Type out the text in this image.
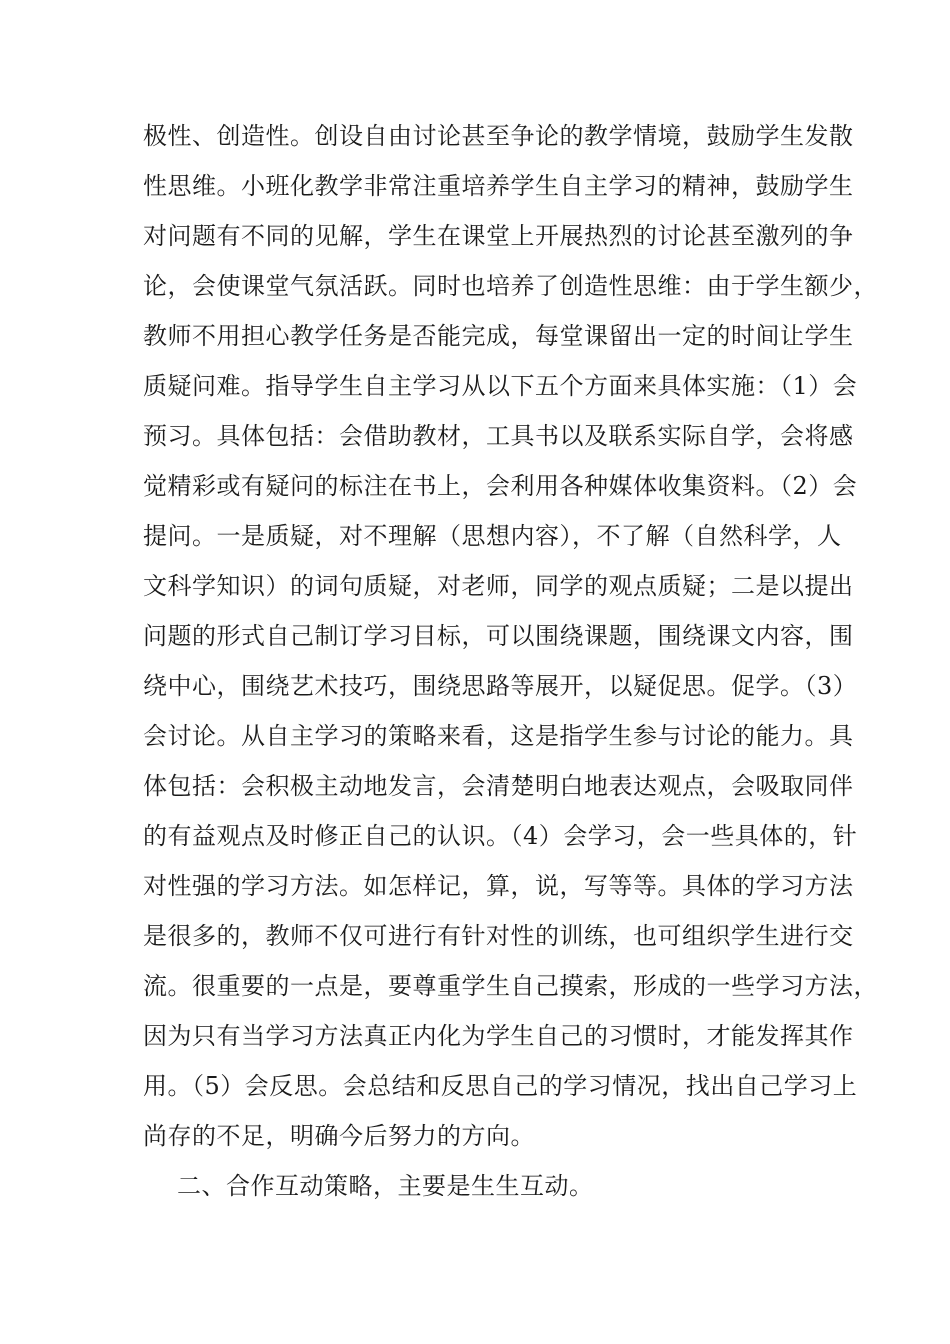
极性、创造性。创设自由讨论甚至争论的教学情境，鼓励学生发散
性思维。小班化教学非常注重培养学生自主学习的精神，鼓励学生
对问题有不同的见解，学生在课堂上开展热烈的讨论甚至激列的争
论，会使课堂气氛活跃。同时也培养了创造性思维：由于学生额少，
教师不用担心教学任务是否能完成，每堂课留出一定的时间让学生
质疑问难。指导学生自主学习从以下五个方面来具体实施：（1）会
预习。具体包括：会借助教材，工具书以及联系实际自学，会将感
觉精彩或有疑问的标注在书上，会利用各种媒体收集资料。（2）会
提问。一是质疑，对不理解（思想内容），不了解（自然科学，人
文科学知识）的词句质疑，对老师，同学的观点质疑；二是以提出
问题的形式自己制订学习目标，可以围绕课题，围绕课文内容，围
绕中心，围绕艺术技巧，围绕思路等展开，以疑促思。促学。（3）
会讨论。从自主学习的策略来看，这是指学生参与讨论的能力。具
体包括：会积极主动地发言，会清楚明白地表达观点，会吸取同伴
的有益观点及时修正自己的认识。（4）会学习，会一些具体的，针
对性强的学习方法。如怎样记，算，说，写等等。具体的学习方法
是很多的，教师不仅可进行有针对性的训练，也可组织学生进行交
流。很重要的一点是，要尊重学生自己摸索，形成的一些学习方法，
因为只有当学习方法真正内化为学生自己的习惯时，才能发挥其作
用。（5）会反思。会总结和反思自己的学习情况，找出自己学习上
尚存的不足，明确今后努力的方向。
二、合作互动策略，主要是生生互动。
